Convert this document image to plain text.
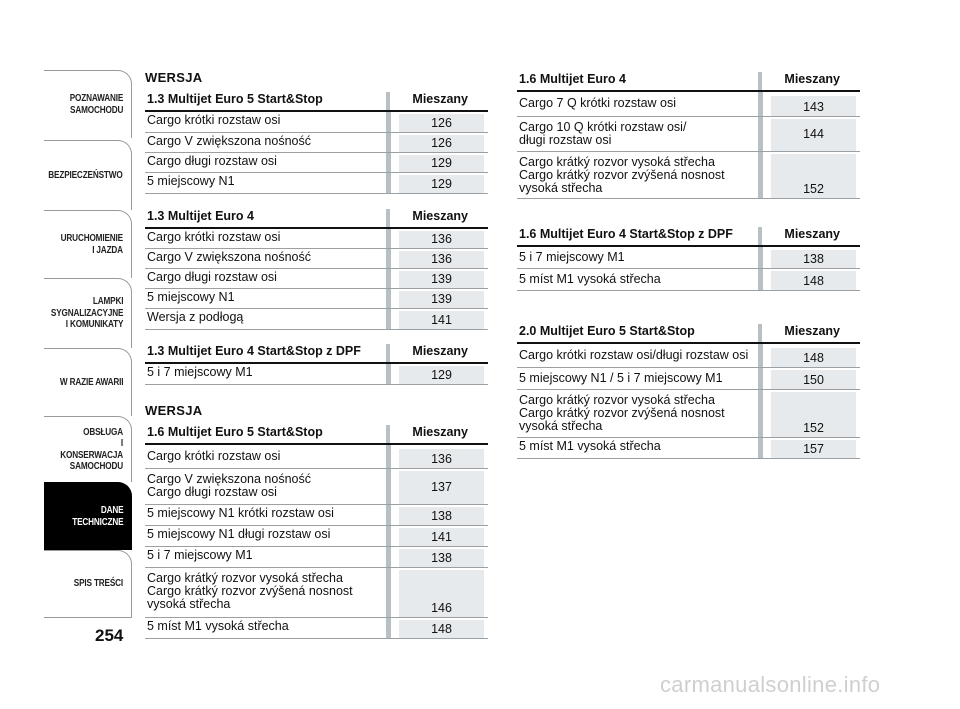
POZNAWANIE
SAMOCHODU
BEZPIECZEŃSTWO
URUCHOMIENIE
I JAZDA
LAMPKI
SYGNALIZACYJNE
I KOMUNIKATY
W RAZIE AWARII
OBSŁUGA
I KONSERWACJA
SAMOCHODU
DANE
TECHNICZNE
SPIS TREŚCI
254
WERSJA
1.3 Multijet Euro 5 Start&Stop	Mieszany
Cargo krótki rozstaw osi	126
Cargo V zwiększona nośność	126
Cargo długi rozstaw osi	129
5 miejscowy N1	129
1.3 Multijet Euro 4	Mieszany
Cargo krótki rozstaw osi	136
Cargo V zwiększona nośność	136
Cargo długi rozstaw osi	139
5 miejscowy N1	139
Wersja z podłogą	141
1.3 Multijet Euro 4 Start&Stop z DPF	Mieszany
5 i 7 miejscowy M1	129
WERSJA
1.6 Multijet Euro 5 Start&Stop	Mieszany
Cargo krótki rozstaw osi	136
Cargo V zwiększona nośność
Cargo długi rozstaw osi	137
5 miejscowy N1 krótki rozstaw osi	138
5 miejscowy N1 długi rozstaw osi	141
5 i 7 miejscowy M1	138
Cargo krátký rozvor vysoká střecha
Cargo krátký rozvor zvýšená nosnost
vysoká střecha	146
5 míst M1 vysoká střecha	148
1.6 Multijet Euro 4	Mieszany
Cargo 7 Q krótki rozstaw osi	143
Cargo 10 Q krótki rozstaw osi/
długi rozstaw osi	144
Cargo krátký rozvor vysoká střecha
Cargo krátký rozvor zvýšená nosnost
vysoká střecha	152
1.6 Multijet Euro 4 Start&Stop z DPF	Mieszany
5 i 7 miejscowy M1	138
5 míst M1 vysoká střecha	148
2.0 Multijet Euro 5 Start&Stop	Mieszany
Cargo krótki rozstaw osi/długi rozstaw osi	148
5 miejscowy N1 / 5 i 7 miejscowy M1	150
Cargo krátký rozvor vysoká střecha
Cargo krátký rozvor zvýšená nosnost
vysoká střecha	152
5 míst M1 vysoká střecha	157
carmanualsonline.info
